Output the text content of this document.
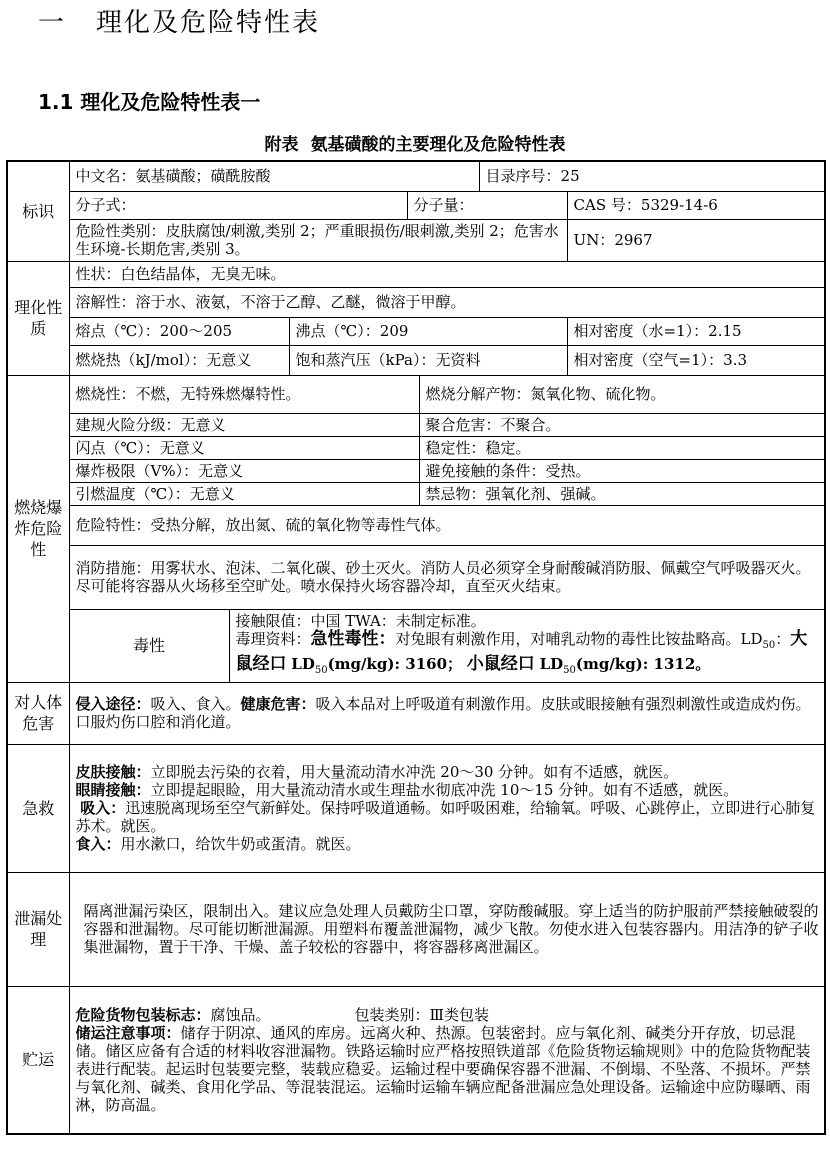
一 理化及危险特性表
1.1 理化及危险特性表一
附表 氨基磺酸的主要理化及危险特性表
标识	中文名：氨基磺酸；磺酰胺酸					目录序号：25	
	分子式：			分子量：			CAS 号：5329-14-6
	危险性类别：皮肤腐蚀/刺激,类别 2；严重眼损伤/眼刺激,类别 2；危害水生环境-长期危害,类别 3。						UN：2967
理化性质	性状：白色结晶体，无臭无味。						
	溶解性：溶于水、液氨，不溶于乙醇、乙醚，微溶于甲醇。						
	熔点（℃）：200～205		沸点（℃）：209				相对密度（水=1）：2.15
	燃烧热（kJ/mol）：无意义		饱和蒸汽压（kPa）：无资料				相对密度（空气=1）：3.3
燃烧爆炸危险性	燃烧性：不燃，无特殊燃爆特性。				燃烧分解产物：氮氧化物、硫化物。		
	建规火险分级：无意义				聚合危害：不聚合。		
	闪点（℃）：无意义				稳定性：稳定。		
	爆炸极限（V%）：无意义				避免接触的条件：受热。		
	引燃温度（℃）：无意义				禁忌物：强氧化剂、强碱。		
	危险特性：受热分解，放出氮、硫的氧化物等毒性气体。						
	消防措施：用雾状水、泡沫、二氧化碳、砂土灭火。消防人员必须穿全身耐酸碱消防服、佩戴空气呼吸器灭火。尽可能将容器从火场移至空旷处。喷水保持火场容器冷却，直至灭火结束。						
	毒性	接触限值：中国 TWA：未制定标准。
毒理资料：急性毒性：对兔眼有刺激作用，对哺乳动物的毒性比铵盐略高。$LD_{50}$：大鼠经口 $LD_{50}(mg/kg)$: 3160； 小鼠经口 $LD_{50}(mg/kg)$: 1312。					

对人体危害	侵入途径：吸入、食入。健康危害：吸入本品对上呼吸道有刺激作用。皮肤或眼接触有强烈刺激性或造成灼伤。口服灼伤口腔和消化道。						
急救	皮肤接触：立即脱去污染的衣着，用大量流动清水冲洗 20～30 分钟。如有不适感，就医。
眼睛接触：立即提起眼睑，用大量流动清水或生理盐水彻底冲洗 10～15 分钟。如有不适感，就医。
吸入：迅速脱离现场至空气新鲜处。保持呼吸道通畅。如呼吸困难，给输氧。呼吸、心跳停止，立即进行心肺复苏术。就医。
食入：用水漱口，给饮牛奶或蛋清。就医。						

泄漏处理	隔离泄漏污染区，限制出入。建议应急处理人员戴防尘口罩，穿防酸碱服。穿上适当的防护服前严禁接触破裂的容器和泄漏物。尽可能切断泄漏源。用塑料布覆盖泄漏物，减少飞散。勿使水进入包装容器内。用洁净的铲子收集泄漏物，置于干净、干燥、盖子较松的容器中，将容器移离泄漏区。						
贮运	危险货物包装标志：腐蚀品。 包装类别：Ⅲ类包装
储运注意事项：储存于阴凉、通风的库房。远离火种、热源。包装密封。应与氧化剂、碱类分开存放，切忌混储。储区应备有合适的材料收容泄漏物。铁路运输时应严格按照铁道部《危险货物运输规则》中的危险货物配装表进行配装。起运时包装要完整，装载应稳妥。运输过程中要确保容器不泄漏、不倒塌、不坠落、不损坏。严禁与氧化剂、碱类、食用化学品、等混装混运。运输时运输车辆应配备泄漏应急处理设备。运输途中应防曝晒、雨淋，防高温。						
